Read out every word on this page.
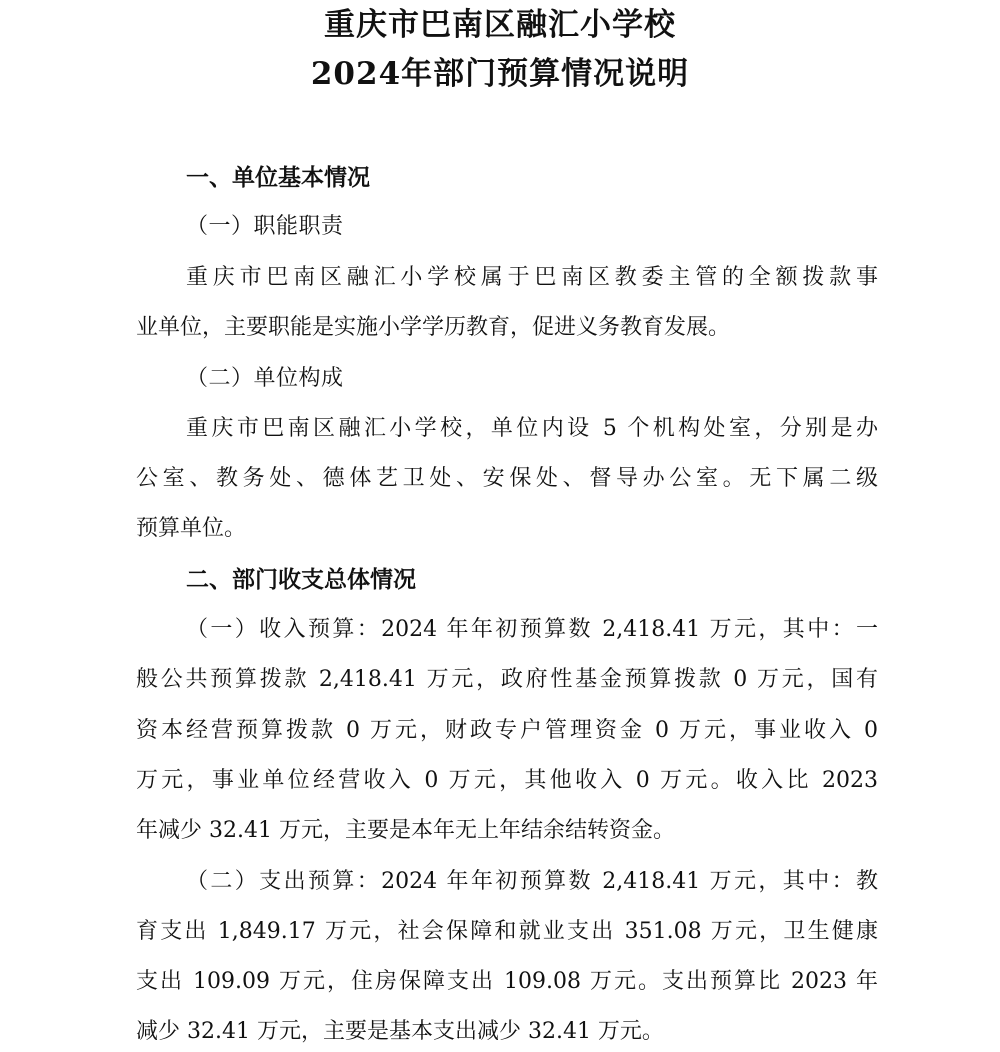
重庆市巴南区融汇小学校
2024年部门预算情况说明
一、单位基本情况
（一）职能职责
重庆市巴南区融汇小学校属于巴南区教委主管的全额拨款事
业单位，主要职能是实施小学学历教育，促进义务教育发展。
（二）单位构成
重庆市巴南区融汇小学校，单位内设 5 个机构处室，分别是办
公室、教务处、德体艺卫处、安保处、督导办公室。无下属二级
预算单位。
二、部门收支总体情况
（一）收入预算：2024 年年初预算数 2,418.41 万元，其中：一
般公共预算拨款 2,418.41 万元，政府性基金预算拨款 0 万元，国有
资本经营预算拨款 0 万元，财政专户管理资金 0 万元，事业收入 0
万元，事业单位经营收入 0 万元，其他收入 0 万元。收入比 2023
年减少 32.41 万元，主要是本年无上年结余结转资金。
（二）支出预算：2024 年年初预算数 2,418.41 万元，其中：教
育支出 1,849.17 万元，社会保障和就业支出 351.08 万元，卫生健康
支出 109.09 万元，住房保障支出 109.08 万元。支出预算比 2023 年
减少 32.41 万元，主要是基本支出减少 32.41 万元。
